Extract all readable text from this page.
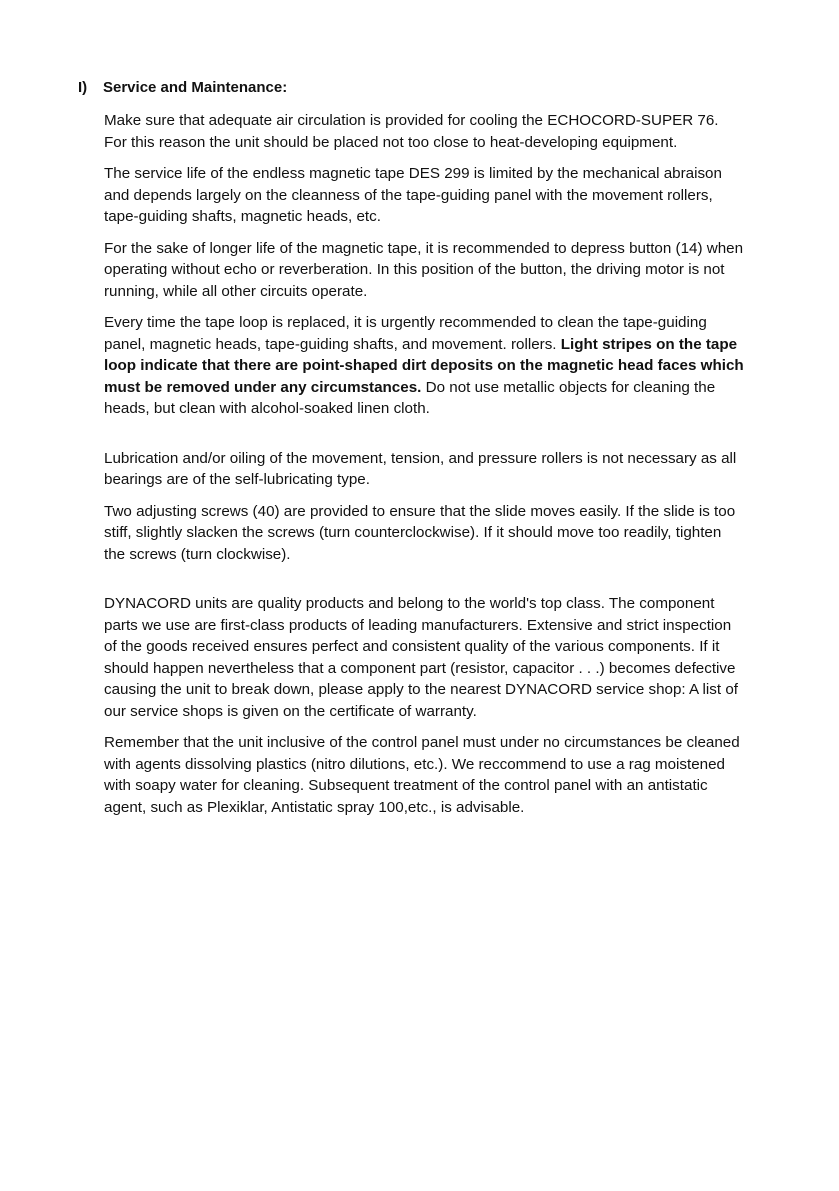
I) Service and Maintenance:

Make sure that adequate air circulation is provided for cooling the ECHOCORD-SUPER 76. For this reason the unit should be placed not too close to heat-developing equipment.

The service life of the endless magnetic tape DES 299 is limited by the mechanical abraison and depends largely on the cleanness of the tape-guiding panel with the movement rollers, tape-guiding shafts, magnetic heads, etc.

For the sake of longer life of the magnetic tape, it is recommended to depress button (14) when operating without echo or reverberation. In this position of the button, the driving motor is not running, while all other circuits operate.

Every time the tape loop is replaced, it is urgently recommended to clean the tape-guiding panel, magnetic heads, tape-guiding shafts, and movement. rollers. Light stripes on the tape loop indicate that there are point-shaped dirt deposits on the magnetic head faces which must be removed under any circumstances. Do not use metallic objects for cleaning the heads, but clean with alcohol-soaked linen cloth.

Lubrication and/or oiling of the movement, tension, and pressure rollers is not necessary as all bearings are of the self-lubricating type.

Two adjusting screws (40) are provided to ensure that the slide moves easily. If the slide is too stiff, slightly slacken the screws (turn counterclockwise). If it should move too readily, tighten the screws (turn clockwise).

DYNACORD units are quality products and belong to the world's top class. The component parts we use are first-class products of leading manufacturers. Extensive and strict inspection of the goods received ensures perfect and consistent quality of the various components. If it should happen nevertheless that a component part (resistor, capacitor . . .) becomes defective causing the unit to break down, please apply to the nearest DYNACORD service shop: A list of our service shops is given on the certificate of warranty.

Remember that the unit inclusive of the control panel must under no circumstances be cleaned with agents dissolving plastics (nitro dilutions, etc.). We reccommend to use a rag moistened with soapy water for cleaning. Subsequent treatment of the control panel with an antistatic agent, such as Plexiklar, Antistatic spray 100,etc., is advisable.
